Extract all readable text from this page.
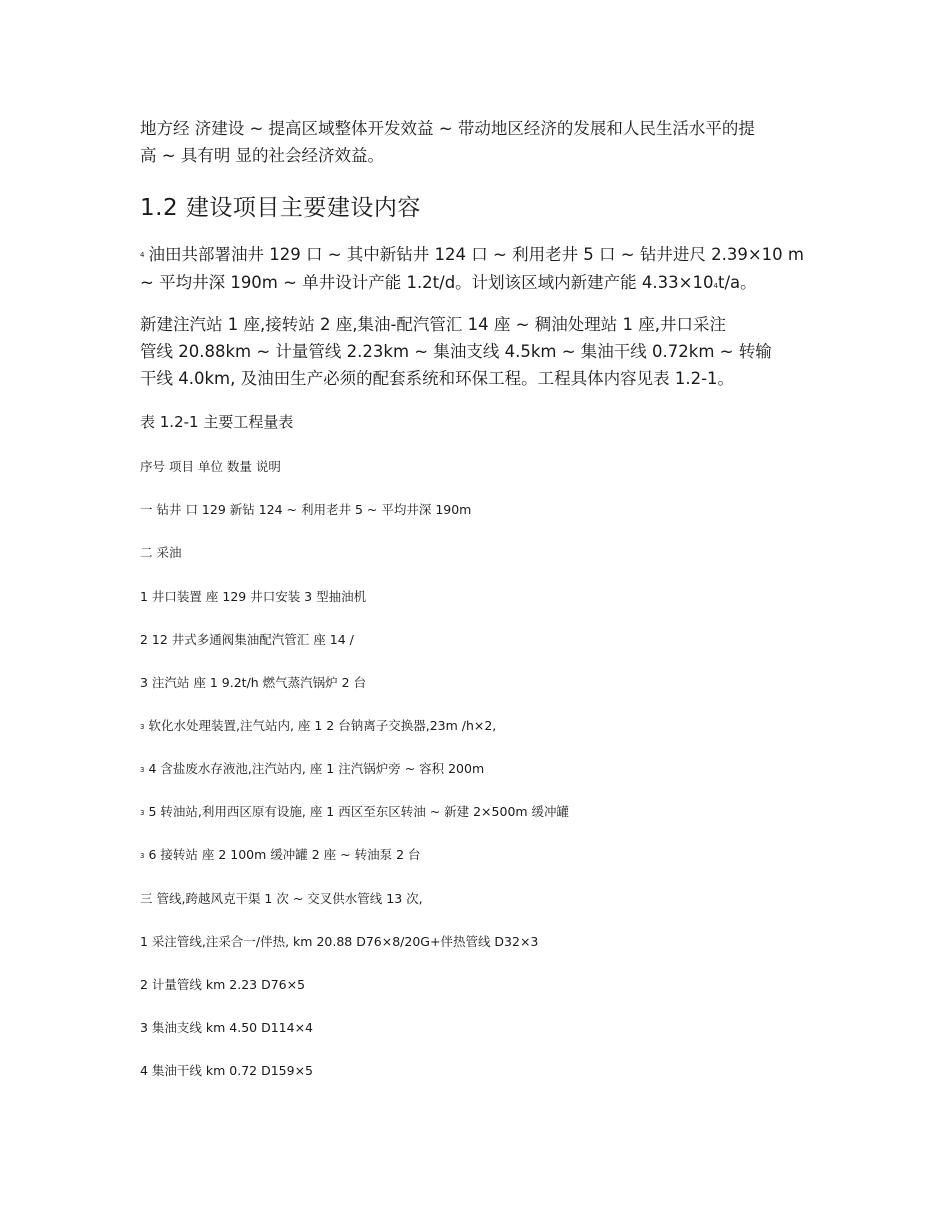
地方经 济建设 ~ 提高区域整体开发效益 ~ 带动地区经济的发展和人民生活水平的提
高 ~ 具有明 显的社会经济效益。

1.2 建设项目主要建设内容

4 油田共部署油井 129 口 ~ 其中新钻井 124 口 ~ 利用老井 5 口 ~ 钻井进尺 2.39×10 m
~ 平均井深 190m ~ 单井设计产能 1.2t/d。计划该区域内新建产能 4.33×104t/a。

新建注汽站 1 座,接转站 2 座,集油-配汽管汇 14 座 ~ 稠油处理站 1 座,井口采注
管线 20.88km ~ 计量管线 2.23km ~ 集油支线 4.5km ~ 集油干线 0.72km ~ 转输
干线 4.0km, 及油田生产必须的配套系统和环保工程。工程具体内容见表 1.2-1。

表 1.2-1 主要工程量表

序号 项目 单位 数量 说明

一 钻井 口 129 新钻 124 ~ 利用老井 5 ~ 平均井深 190m

二 采油

1 井口装置 座 129 井口安装 3 型抽油机

2 12 井式多通阀集油配汽管汇 座 14 /

3 注汽站 座 1 9.2t/h 燃气蒸汽锅炉 2 台

3 软化水处理装置,注气站内, 座 1 2 台钠离子交换器,23m /h×2,

3 4 含盐废水存液池,注汽站内, 座 1 注汽锅炉旁 ~ 容积 200m

3 5 转油站,利用西区原有设施, 座 1 西区至东区转油 ~ 新建 2×500m 缓冲罐

3 6 接转站 座 2 100m 缓冲罐 2 座 ~ 转油泵 2 台

三 管线,跨越风克干渠 1 次 ~ 交叉供水管线 13 次,

1 采注管线,注采合一/伴热, km 20.88 D76×8/20G+伴热管线 D32×3

2 计量管线 km 2.23 D76×5

3 集油支线 km 4.50 D114×4

4 集油干线 km 0.72 D159×5
